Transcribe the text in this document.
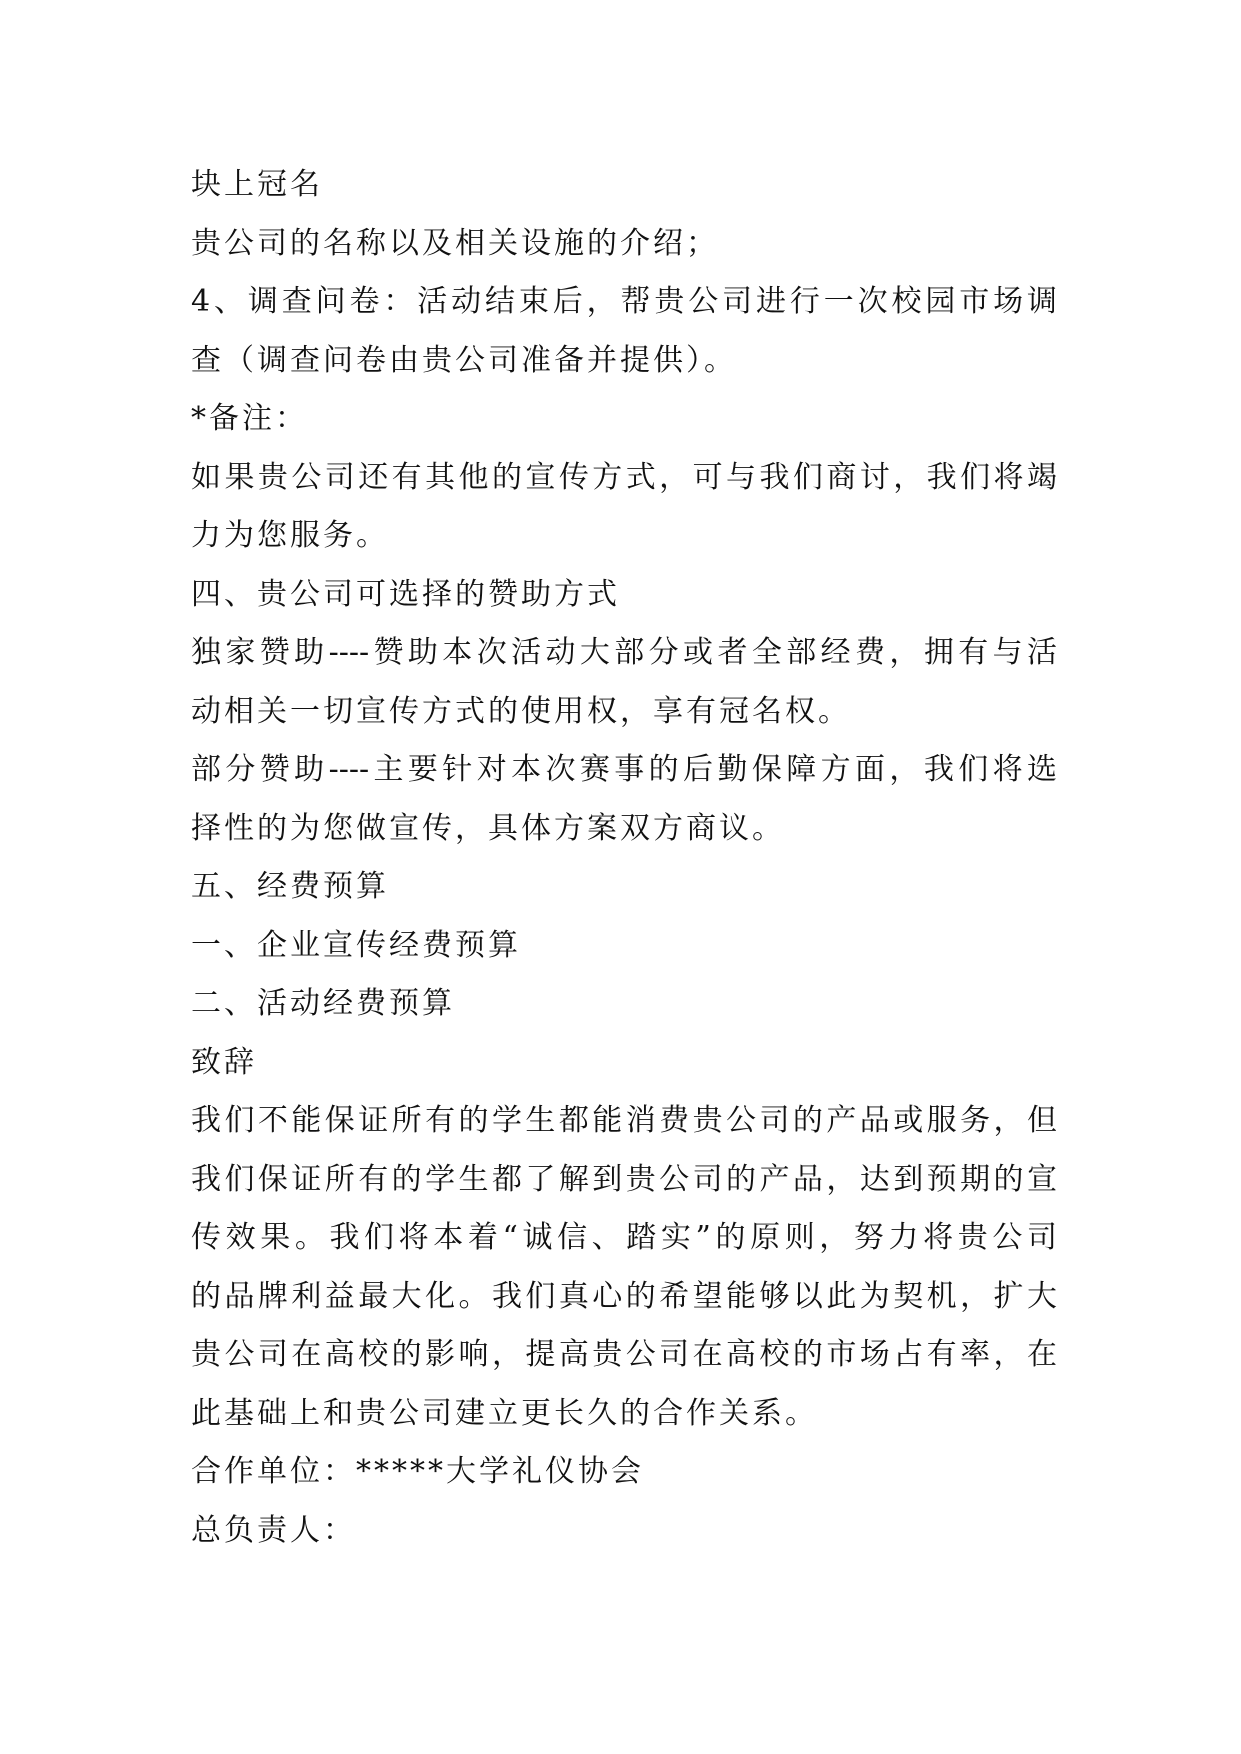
块上冠名
贵公司的名称以及相关设施的介绍；
4、调查问卷：活动结束后，帮贵公司进行一次校园市场调
查（调查问卷由贵公司准备并提供）。
*备注：
如果贵公司还有其他的宣传方式，可与我们商讨，我们将竭
力为您服务。
四、贵公司可选择的赞助方式
独家赞助----赞助本次活动大部分或者全部经费，拥有与活
动相关一切宣传方式的使用权，享有冠名权。
部分赞助----主要针对本次赛事的后勤保障方面，我们将选
择性的为您做宣传，具体方案双方商议。
五、经费预算
一、企业宣传经费预算
二、活动经费预算
致辞
我们不能保证所有的学生都能消费贵公司的产品或服务，但
我们保证所有的学生都了解到贵公司的产品，达到预期的宣
传效果。我们将本着“诚信、踏实”的原则，努力将贵公司
的品牌利益最大化。我们真心的希望能够以此为契机，扩大
贵公司在高校的影响，提高贵公司在高校的市场占有率，在
此基础上和贵公司建立更长久的合作关系。
合作单位：*****大学礼仪协会
总负责人：
